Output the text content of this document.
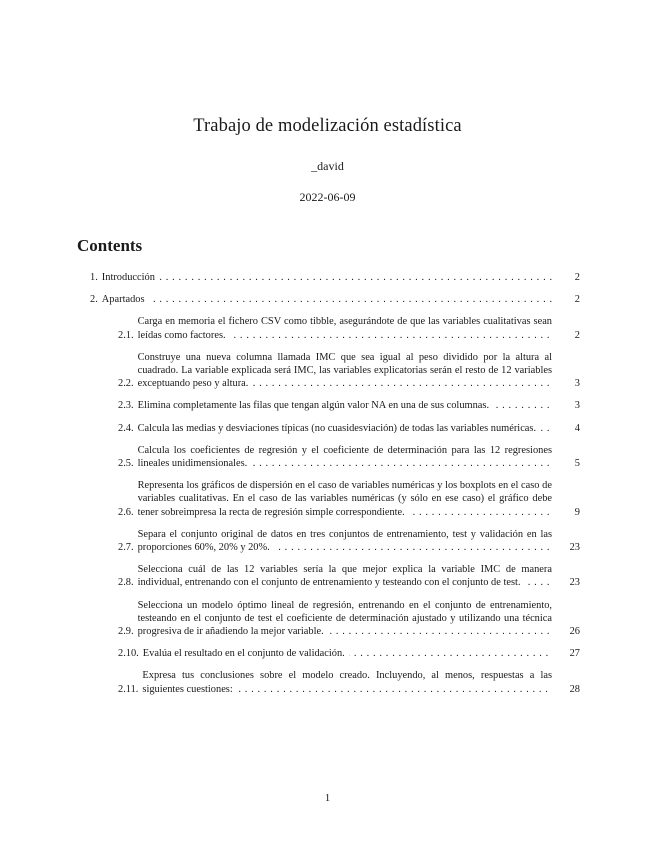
Trabajo de modelización estadística
_david
2022-06-09
Contents
1. Introducción . . .	2
2. Apartados . . .	2
2.1.
Carga en memoria el fichero CSV como tibble, asegurándote de que las variables cualitativas sean leídas como factores. . . .	2
2.2.
Construye una nueva columna llamada IMC que sea igual al peso dividido por la altura al cuadrado. La variable explicada será IMC, las variables explicatorias serán el resto de 12 variables exceptuando peso y altura. . . .	3
2.3. Elimina completamente las filas que tengan algún valor NA en una de sus columnas. . . .	3
2.4. Calcula las medias y desviaciones típicas (no cuasidesviación) de todas las variables numéricas. . . .	4
2.5.
Calcula los coeficientes de regresión y el coeficiente de determinación para las 12 regresiones lineales unidimensionales. . . .	5
2.6.
Representa los gráficos de dispersión en el caso de variables numéricas y los boxplots en el caso de variables cualitativas. En el caso de las variables numéricas (y sólo en ese caso) el gráfico debe tener sobreimpresa la recta de regresión simple correspondiente. . . .	9
2.7.
Separa el conjunto original de datos en tres conjuntos de entrenamiento, test y validación en las proporciones 60%, 20% y 20%. . . .	23
2.8.
Selecciona cuál de las 12 variables sería la que mejor explica la variable IMC de manera individual, entrenando con el conjunto de entrenamiento y testeando con el conjunto de test. . . .	23
2.9.
Selecciona un modelo óptimo lineal de regresión, entrenando en el conjunto de entrenamiento, testeando en el conjunto de test el coeficiente de determinación ajustado y utilizando una técnica progresiva de ir añadiendo la mejor variable. . . .	26
2.10. Evalúa el resultado en el conjunto de validación. . . .	27
2.11.
Expresa tus conclusiones sobre el modelo creado. Incluyendo, al menos, respuestas a las siguientes cuestiones: . . .	28
1
